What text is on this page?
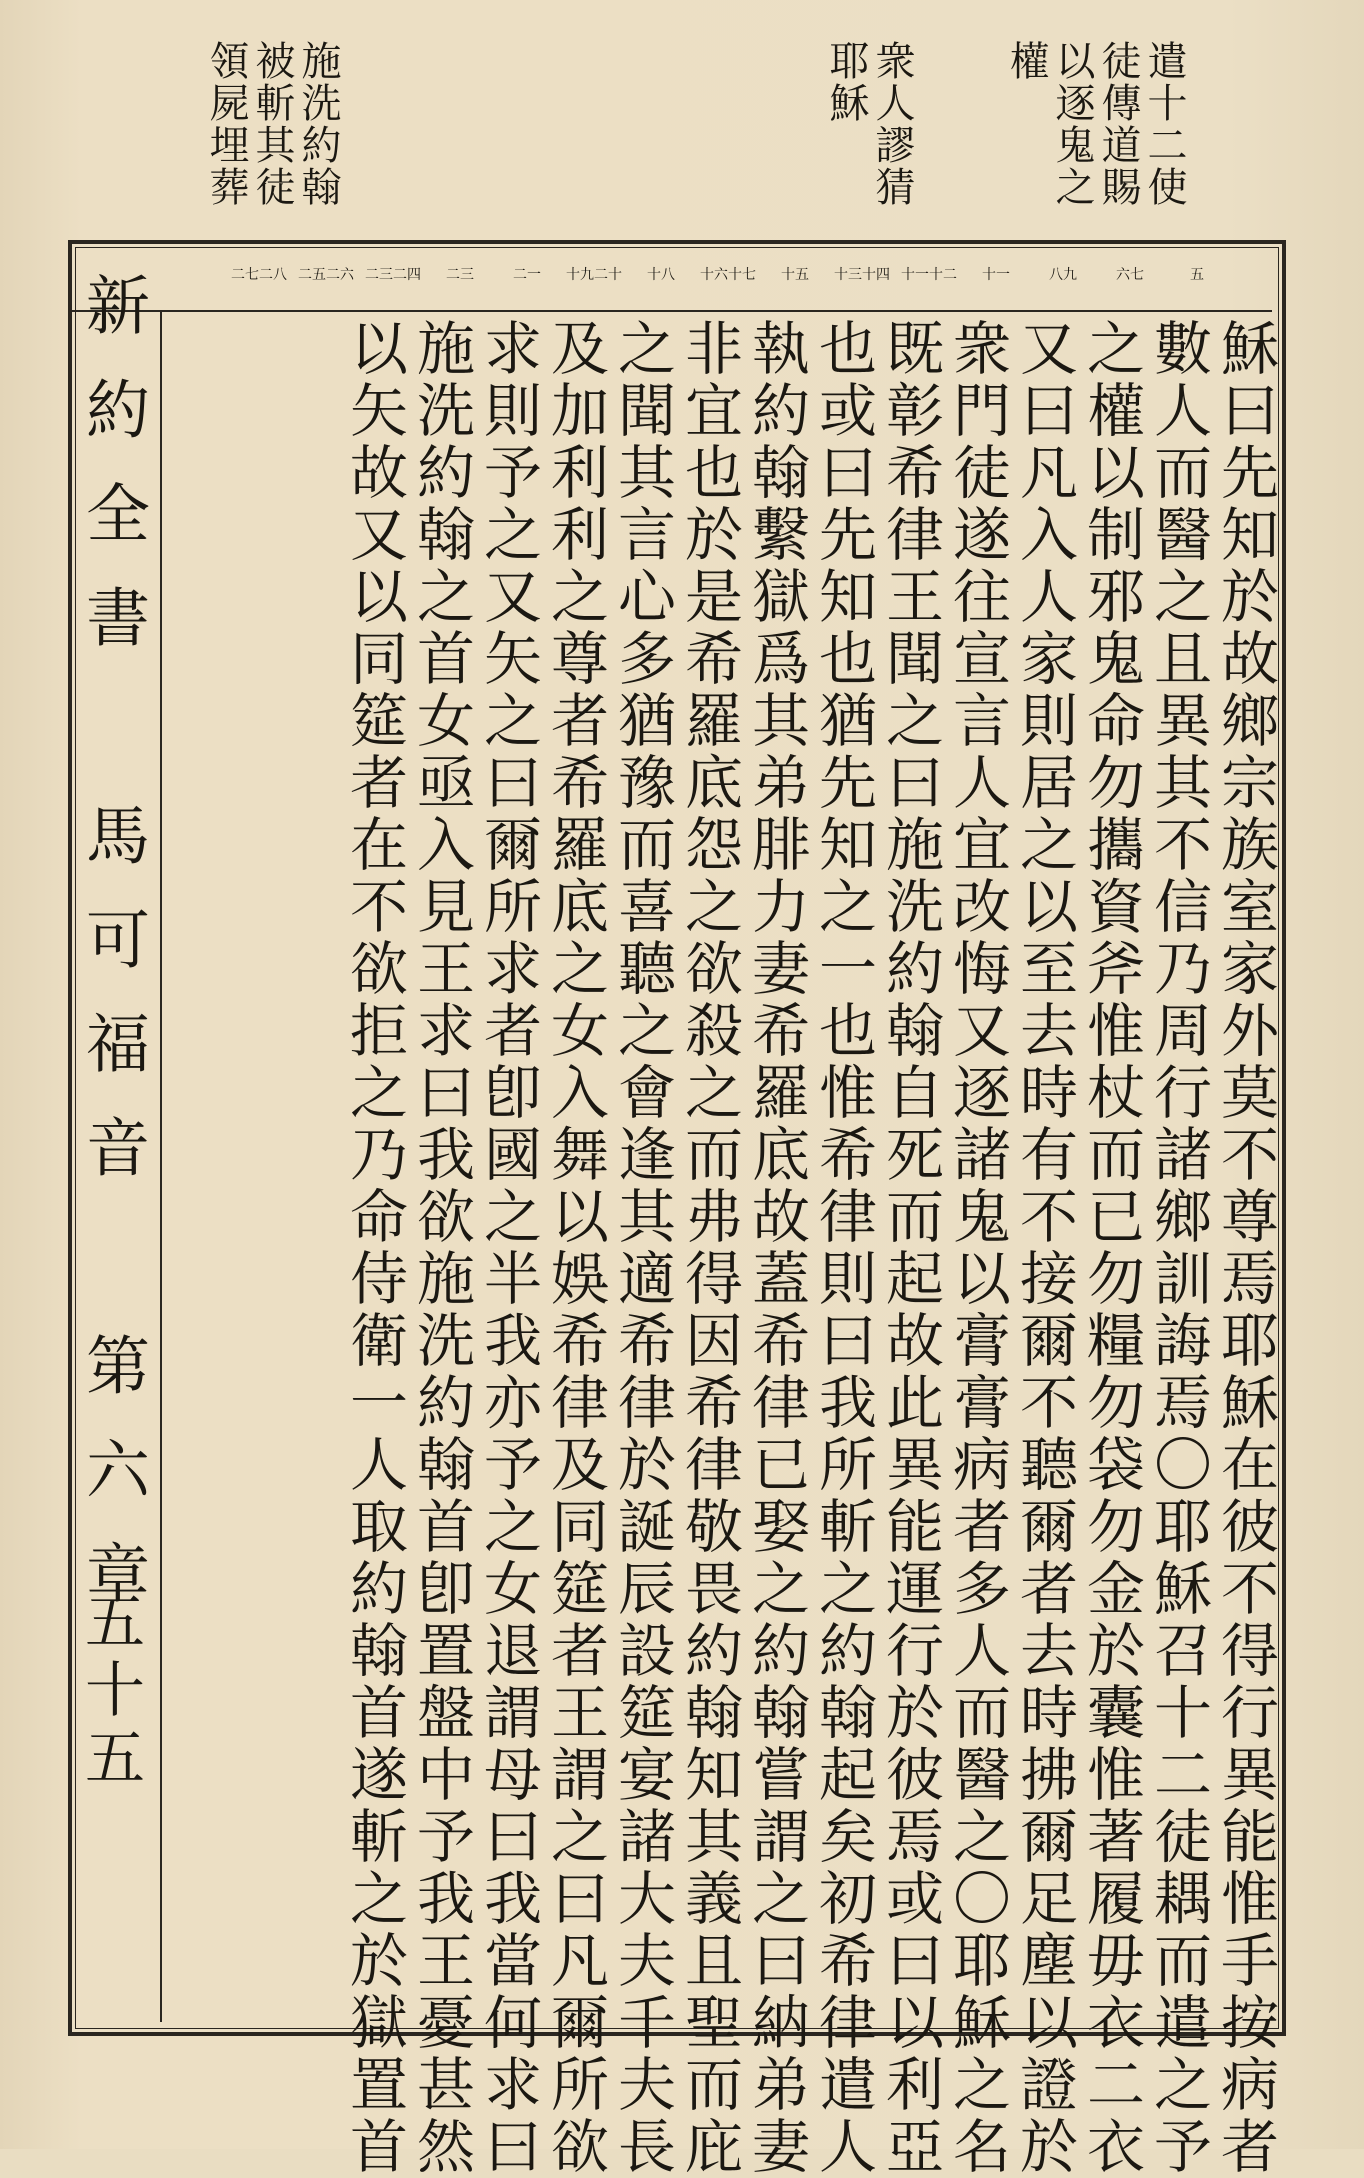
遣十二使
徒傳道賜
以逐鬼之
權
衆人謬猜
耶穌
施洗約翰
被斬其徒
領屍埋葬
五
六七
八九
十一
十一十二
十三十四
十五
十六十七
十八
十九二十
二一
二三
二三二四
二五二六
二七二八
穌曰先知於故鄉宗族室家外莫不尊焉耶穌在彼不得行異能惟手按病者
數人而醫之且異其不信乃周行諸鄉訓誨焉〇耶穌召十二徒耦而遣之予
之權以制邪鬼命勿攜資斧惟杖而已勿糧勿袋勿金於囊惟著履毋衣二衣
又曰凡入人家則居之以至去時有不接爾不聽爾者去時拂爾足塵以證於
衆門徒遂往宣言人宜改悔又逐諸鬼以膏膏病者多人而醫之〇耶穌之名
既彰希律王聞之曰施洗約翰自死而起故此異能運行於彼焉或曰以利亞
也或曰先知也猶先知之一也惟希律則曰我所斬之約翰起矣初希律遣人
執約翰繫獄爲其弟腓力妻希羅底故蓋希律已娶之約翰嘗謂之曰納弟妻
非宜也於是希羅底怨之欲殺之而弗得因希律敬畏約翰知其義且聖而庇
之聞其言心多猶豫而喜聽之會逢其適希律於誕辰設筵宴諸大夫千夫長
及加利利之尊者希羅底之女入舞以娛希律及同筵者王謂之曰凡爾所欲
求則予之又矢之曰爾所求者卽國之半我亦予之女退謂母曰我當何求曰
施洗約翰之首女亟入見王求曰我欲施洗約翰首卽置盤中予我王憂甚然
以矢故又以同筵者在不欲拒之乃命侍衛一人取約翰首遂斬之於獄置首
新約全書 馬可福音 第六章
五十五
